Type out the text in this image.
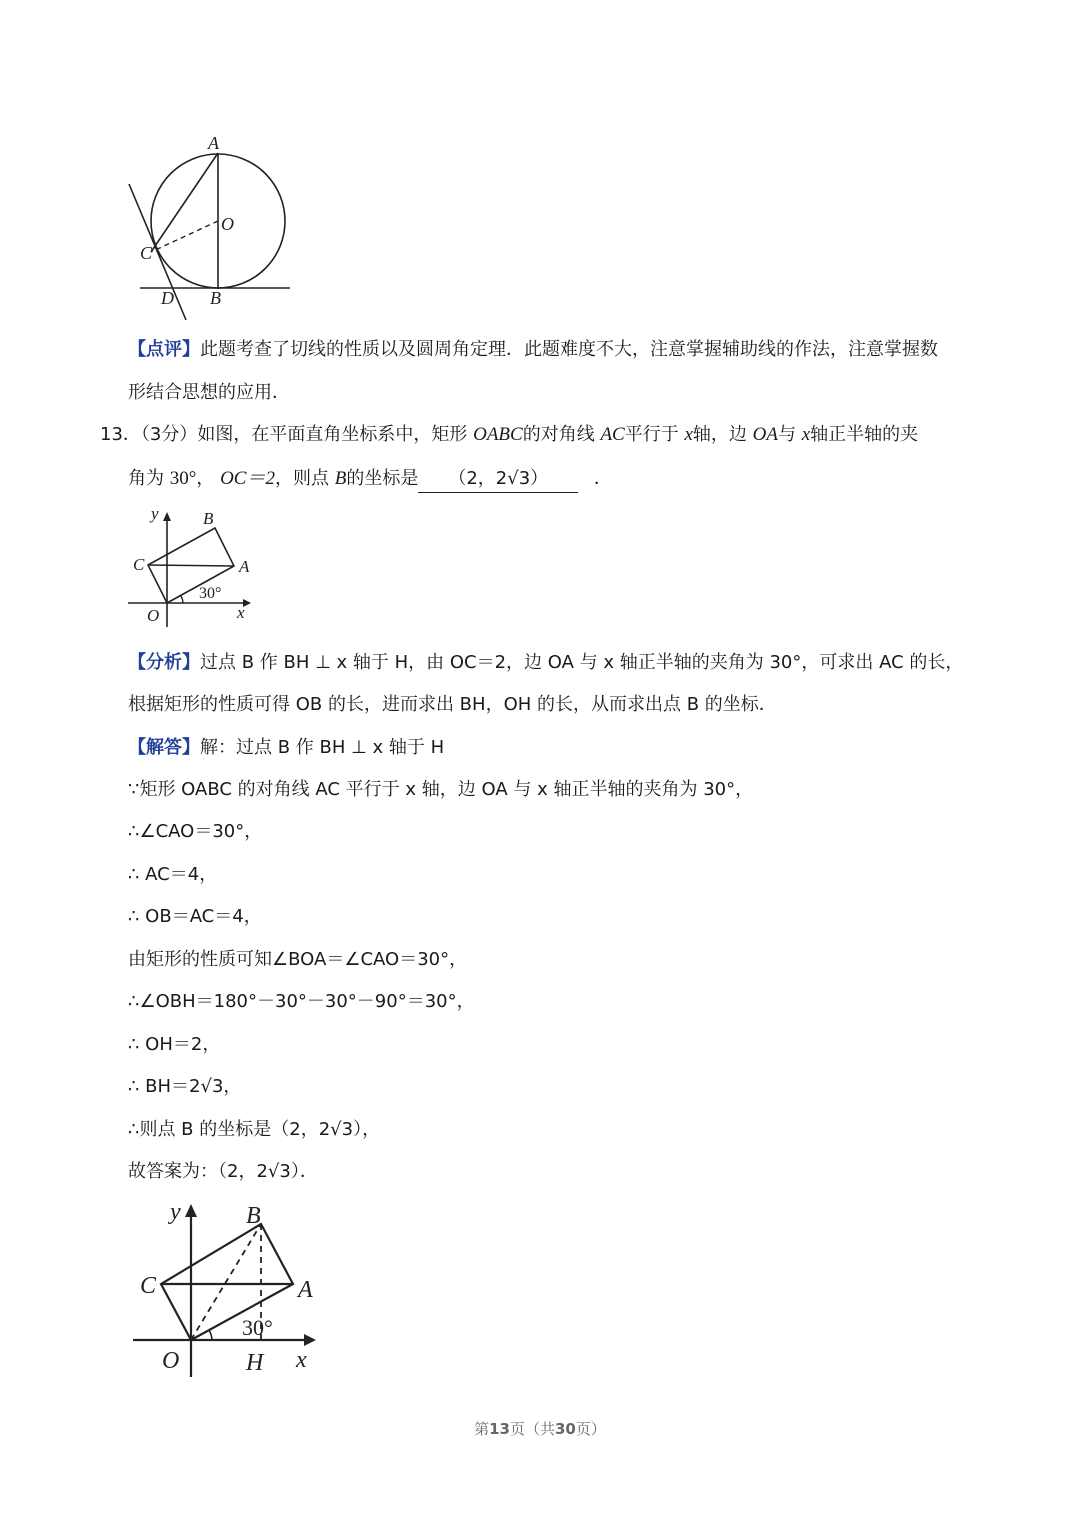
A
O
C
D B
【点评】此题考查了切线的性质以及圆周角定理．此题难度不大，注意掌握辅助线的作法，注意掌握数
形结合思想的应用．
13．（3分）如图，在平面直角坐标系中，矩形 OABC的对角线 AC平行于 x轴，边 OA与 x轴正半轴的夹
角为 30°， OC＝2，则点 B的坐标是 （2，2√3）	．
y	B
C	A
30°
O	x
【分析】过点 B 作 BH ⊥ x 轴于 H，由 OC＝2，边 OA 与 x 轴正半轴的夹角为 30°，可求出 AC 的长，
根据矩形的性质可得 OB 的长，进而求出 BH，OH 的长，从而求出点 B 的坐标．
【解答】解：过点 B 作 BH ⊥ x 轴于 H
∵矩形 OABC 的对角线 AC 平行于 x 轴，边 OA 与 x 轴正半轴的夹角为 30°，
∴∠CAO＝30°，
∴ AC＝4，
∴ OB＝AC＝4，
由矩形的性质可知∠BOA＝∠CAO＝30°，
∴∠OBH＝180°－30°－30°－90°＝30°，
∴ OH＝2，
∴ BH＝2√3，
∴则点 B 的坐标是（2，2√3），
故答案为：（2，2√3）．
y	B
C	A
30°
O	H x
第13页（共30页）
